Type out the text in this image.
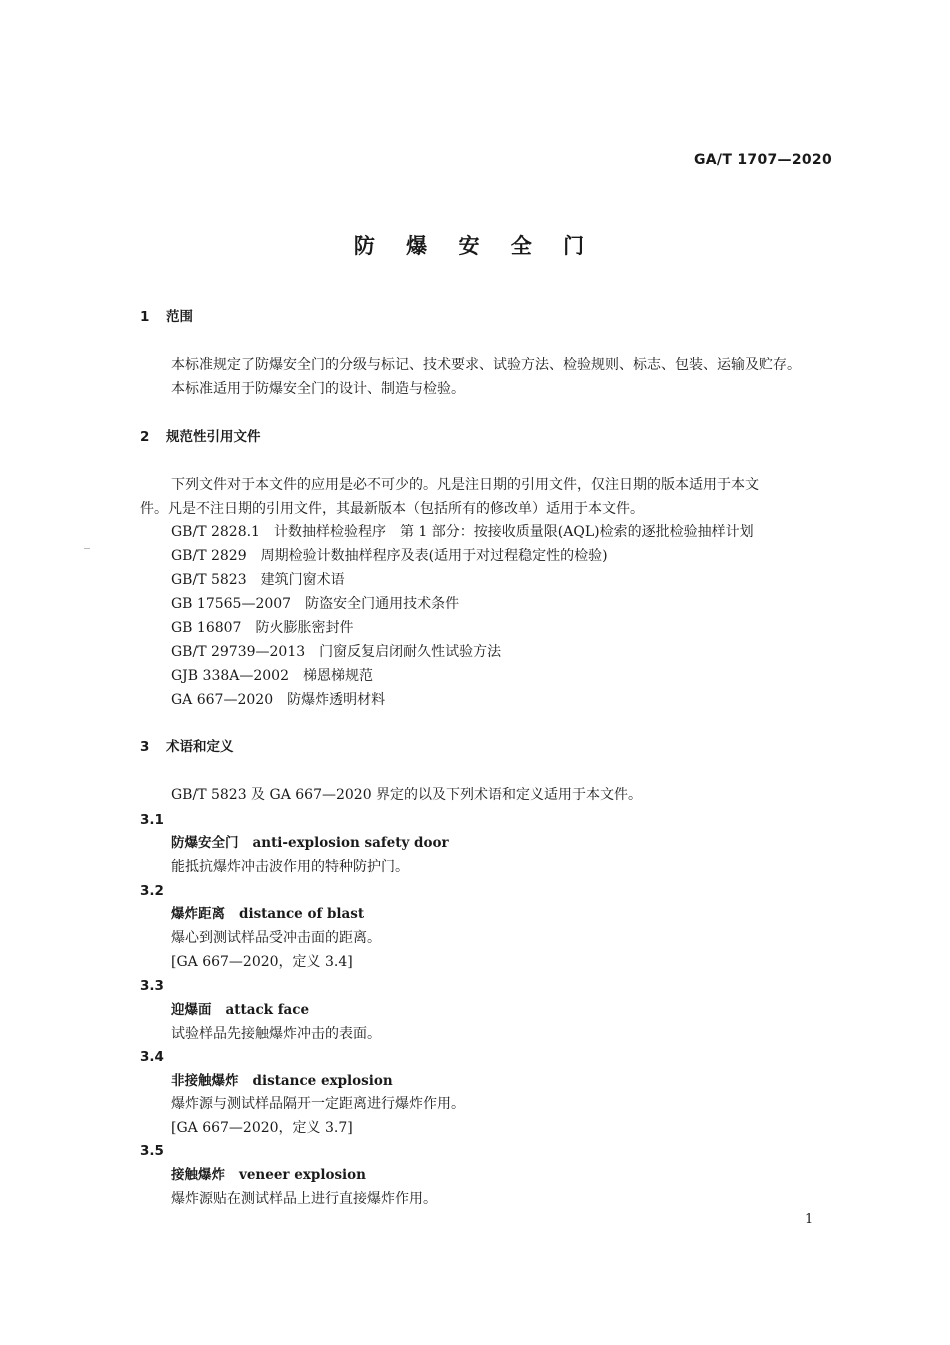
GA/T 1707—2020
防 爆 安 全 门
1 范围
本标准规定了防爆安全门的分级与标记、技术要求、试验方法、检验规则、标志、包装、运输及贮存。
本标准适用于防爆安全门的设计、制造与检验。
2 规范性引用文件
下列文件对于本文件的应用是必不可少的。凡是注日期的引用文件，仅注日期的版本适用于本文
件。凡是不注日期的引用文件，其最新版本（包括所有的修改单）适用于本文件。
GB/T 2828.1 计数抽样检验程序　第 1 部分：按接收质量限(AQL)检索的逐批检验抽样计划
GB/T 2829 周期检验计数抽样程序及表(适用于对过程稳定性的检验)
GB/T 5823 建筑门窗术语
GB 17565—2007 防盗安全门通用技术条件
GB 16807 防火膨胀密封件
GB/T 29739—2013 门窗反复启闭耐久性试验方法
GJB 338A—2002 梯恩梯规范
GA 667—2020 防爆炸透明材料
3 术语和定义
GB/T 5823 及 GA 667—2020 界定的以及下列术语和定义适用于本文件。
3.1
防爆安全门 anti-explosion safety door
能抵抗爆炸冲击波作用的特种防护门。
3.2
爆炸距离 distance of blast
爆心到测试样品受冲击面的距离。
[GA 667—2020，定义 3.4]
3.3
迎爆面 attack face
试验样品先接触爆炸冲击的表面。
3.4
非接触爆炸 distance explosion
爆炸源与测试样品隔开一定距离进行爆炸作用。
[GA 667—2020，定义 3.7]
3.5
接触爆炸 veneer explosion
爆炸源贴在测试样品上进行直接爆炸作用。
1
